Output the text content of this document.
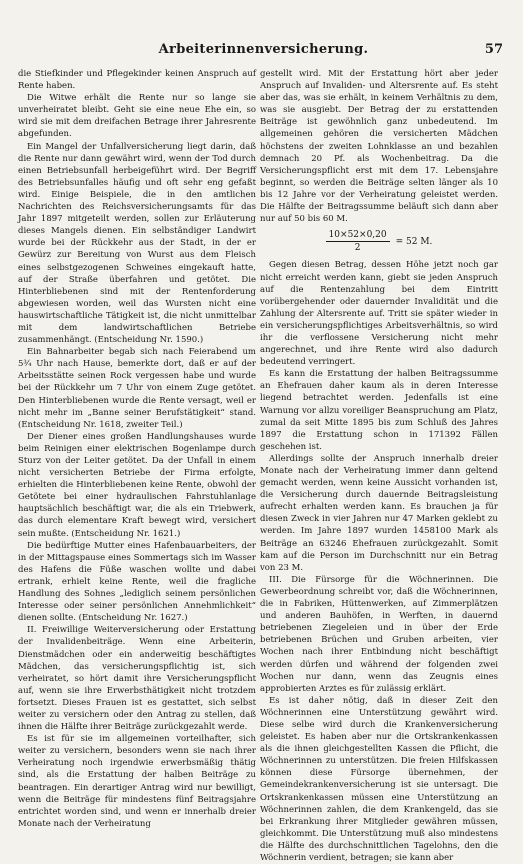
Arbeiterinnenversicherung.	57

die Stiefkinder und Pflegekinder keinen Anspruch auf Rente haben.

Die Witwe erhält die Rente nur so lange sie unverheiratet bleibt. Geht sie eine neue Ehe ein, so wird sie mit dem dreifachen Betrage ihrer Jahresrente abgefunden.

Ein Mangel der Unfallversicherung liegt darin, daß die Rente nur dann gewährt wird, wenn der Tod durch einen Betriebsunfall herbeigeführt wird. Der Begriff des Betriebsunfalles häufig und oft sehr eng gefaßt wird. Einige Beispiele, die in den amtlichen Nachrichten des Reichsversicherungsamts für das Jahr 1897 mitgeteilt werden, sollen zur Erläuterung dieses Mangels dienen. Ein selbständiger Landwirt wurde bei der Rückkehr aus der Stadt, in der er Gewürz zur Bereitung von Wurst aus dem Fleisch eines selbstgezogenen Schweines eingekauft hatte, auf der Straße überfahren und getötet. Die Hinterbliebenen sind mit der Rentenforderung abgewiesen worden, weil das Wursten nicht eine hauswirtschaftliche Tätigkeit ist, die nicht unmittelbar mit dem landwirtschaftlichen Betriebe zusammenhängt. (Entscheidung Nr. 1590.)

Ein Bahnarbeiter begab sich nach Feierabend um 5¾ Uhr nach Hause, bemerkte dort, daß er auf der Arbeitsstätte seinen Rock vergessen habe und wurde bei der Rückkehr um 7 Uhr von einem Zuge getötet. Den Hinterbliebenen wurde die Rente versagt, weil er nicht mehr im „Banne seiner Berufstätigkeit“ stand. (Entscheidung Nr. 1618, zweiter Teil.)

Der Diener eines großen Handlungshauses wurde beim Reinigen einer elektrischen Bogenlampe durch Sturz von der Leiter getötet. Da der Unfall in einem nicht versicherten Betriebe der Firma erfolgte, erhielten die Hinterbliebenen keine Rente, obwohl der Getötete bei einer hydraulischen Fahrstuhlanlage hauptsächlich beschäftigt war, die als ein Triebwerk, das durch elementare Kraft bewegt wird, versichert sein mußte. (Entscheidung Nr. 1621.)

Die bedürftige Mutter eines Hafenbauarbeiters, der in der Mittagspause eines Sommertags sich im Wasser des Hafens die Füße waschen wollte und dabei ertrank, erhielt keine Rente, weil die fragliche Handlung des Sohnes „lediglich seinem persönlichen Interesse oder seiner persönlichen Annehmlichkeit“ dienen sollte. (Entscheidung Nr. 1627.)

II. Freiwillige Weiterversicherung oder Erstattung der Invalidenbeiträge. Wenn eine Arbeiterin, Dienstmädchen oder ein anderweitig beschäftigtes Mädchen, das versicherungspflichtig ist, sich verheiratet, so hört damit ihre Versicherungspflicht auf, wenn sie ihre Erwerbsthätigkeit nicht trotzdem fortsetzt. Dieses Frauen ist es gestattet, sich selbst weiter zu versichern oder den Antrag zu stellen, daß ihnen die Hälfte ihrer Beiträge zurückgezahlt werde.

Es ist für sie im allgemeinen vorteilhafter, sich weiter zu versichern, besonders wenn sie nach ihrer Verheiratung noch irgendwie erwerbsmäßig thätig sind, als die Erstattung der halben Beiträge zu beantragen. Ein derartiger Antrag wird nur bewilligt, wenn die Beiträge für mindestens fünf Beitragsjahre entrichtet worden sind, und wenn er innerhalb dreier Monate nach der Verheiratung

gestellt wird. Mit der Erstattung hört aber jeder Anspruch auf Invaliden- und Altersrente auf. Es steht aber das, was sie erhält, in keinem Verhältnis zu dem, was sie ausgiebt. Der Betrag der zu erstattenden Beiträge ist gewöhnlich ganz unbedeutend. Im allgemeinen gehören die versicherten Mädchen höchstens der zweiten Lohnklasse an und bezahlen demnach 20 Pf. als Wochenbeitrag. Da die Versicherungspflicht erst mit dem 17. Lebensjahre beginnt, so werden die Beiträge selten länger als 10 bis 12 Jahre vor der Verheiratung geleistet werden. Die Hälfte der Beitragssumme beläuft sich dann aber nur auf 50 bis 60 M.

$\frac{10\times 52\times 0,20}{2} = 52$ M.

Gegen diesen Betrag, dessen Höhe jetzt noch gar nicht erreicht werden kann, giebt sie jeden Anspruch auf die Rentenzahlung bei dem Eintritt vorübergehender oder dauernder Invalidität und die Zahlung der Altersrente auf. Tritt sie später wieder in ein versicherungspflichtiges Arbeitsverhältnis, so wird ihr die verflossene Versicherung nicht mehr angerechnet, und ihre Rente wird also dadurch bedeutend verringert.

Es kann die Erstattung der halben Beitragssumme an Ehefrauen daher kaum als in deren Interesse liegend betrachtet werden. Jedenfalls ist eine Warnung vor allzu voreiliger Beanspruchung am Platz, zumal da seit Mitte 1895 bis zum Schluß des Jahres 1897 die Erstattung schon in 171392 Fällen geschehen ist.

Allerdings sollte der Anspruch innerhalb dreier Monate nach der Verheiratung immer dann geltend gemacht werden, wenn keine Aussicht vorhanden ist, die Versicherung durch dauernde Beitragsleistung aufrecht erhalten werden kann. Es brauchen ja für diesen Zweck in vier Jahren nur 47 Marken geklebt zu werden. Im Jahre 1897 wurden 1458100 Mark als Beiträge an 63246 Ehefrauen zurückgezahlt. Somit kam auf die Person im Durchschnitt nur ein Betrag von 23 M.

III. Die Fürsorge für die Wöchnerinnen. Die Gewerbeordnung schreibt vor, daß die Wöchnerinnen, die in Fabriken, Hüttenwerken, auf Zimmerplätzen und anderen Bauhöfen, in Werften, in dauernd betriebenen Ziegeleien und in über der Erde betriebenen Brüchen und Gruben arbeiten, vier Wochen nach ihrer Entbindung nicht beschäftigt werden dürfen und während der folgenden zwei Wochen nur dann, wenn das Zeugnis eines approbierten Arztes es für zulässig erklärt.

Es ist daher nötig, daß in dieser Zeit den Wöchnerinnen eine Unterstützung gewährt wird. Diese selbe wird durch die Krankenversicherung geleistet. Es haben aber nur die Ortskrankenkassen als die ihnen gleichgestellten Kassen die Pflicht, die Wöchnerinnen zu unterstützen. Die freien Hilfskassen können diese Fürsorge übernehmen, der Gemeindekrankenversicherung ist sie untersagt. Die Ortskrankenkassen müssen eine Unterstützung an Wöchnerinnen zahlen, die dem Krankengeld, das sie bei Erkrankung ihrer Mitglieder gewähren müssen, gleichkommt. Die Unterstützung muß also mindestens die Hälfte des durchschnittlichen Tagelohns, den die Wöchnerin verdient, betragen; sie kann aber
